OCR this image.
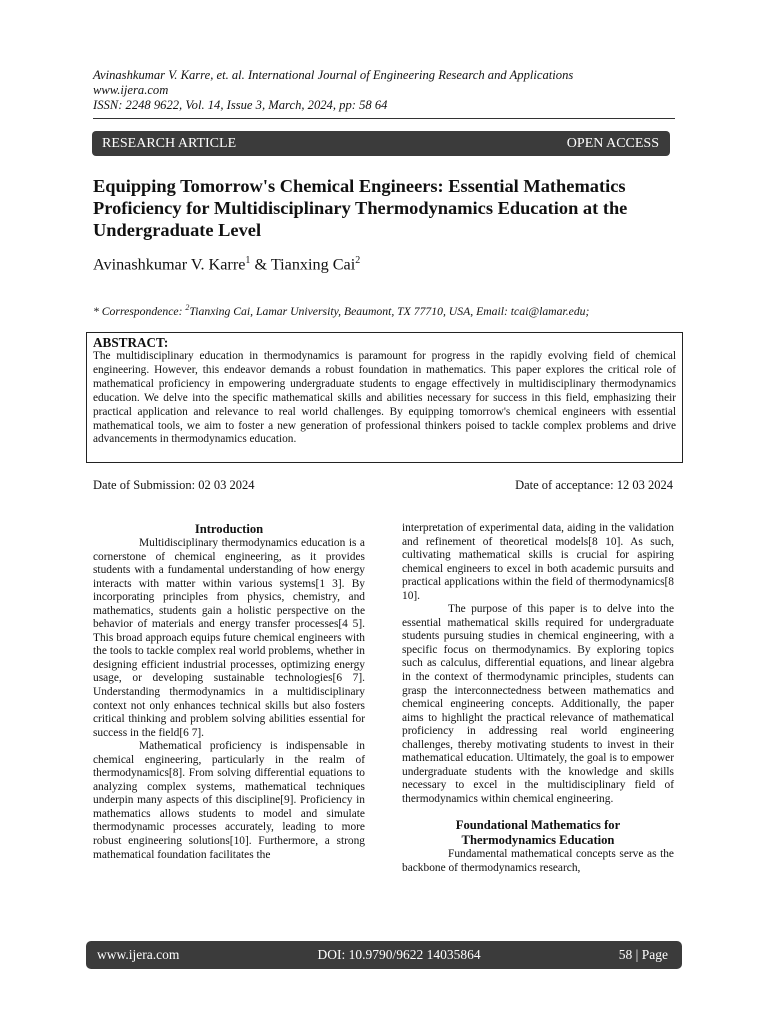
Avinashkumar V. Karre, et. al. International Journal of Engineering Research and Applications
www.ijera.com
ISSN: 2248 9622, Vol. 14, Issue 3, March, 2024, pp: 58 64
RESEARCH ARTICLE	OPEN ACCESS
Equipping Tomorrow's Chemical Engineers: Essential Mathematics Proficiency for Multidisciplinary Thermodynamics Education at the Undergraduate Level
Avinashkumar V. Karre$^1$ & Tianxing Cai$^2$
* Correspondence: $^2$Tianxing Cai, Lamar University, Beaumont, TX 77710, USA, Email: tcai@lamar.edu;
ABSTRACT:

The multidisciplinary education in thermodynamics is paramount for progress in the rapidly evolving field of chemical engineering. However, this endeavor demands a robust foundation in mathematics. This paper explores the critical role of mathematical proficiency in empowering undergraduate students to engage effectively in multidisciplinary thermodynamics education. We delve into the specific mathematical skills and abilities necessary for success in this field, emphasizing their practical application and relevance to real world challenges. By equipping tomorrow's chemical engineers with essential mathematical tools, we aim to foster a new generation of professional thinkers poised to tackle complex problems and drive advancements in thermodynamics education.

Date of Submission: 02 03 2024	Date of acceptance: 12 03 2024
Introduction

Multidisciplinary thermodynamics education is a cornerstone of chemical engineering, as it provides students with a fundamental understanding of how energy interacts with matter within various systems[1 3]. By incorporating principles from physics, chemistry, and mathematics, students gain a holistic perspective on the behavior of materials and energy transfer processes[4 5]. This broad approach equips future chemical engineers with the tools to tackle complex real world problems, whether in designing efficient industrial processes, optimizing energy usage, or developing sustainable technologies[6 7]. Understanding thermodynamics in a multidisciplinary context not only enhances technical skills but also fosters critical thinking and problem solving abilities essential for success in the field[6 7].

Mathematical proficiency is indispensable in chemical engineering, particularly in the realm of thermodynamics[8]. From solving differential equations to analyzing complex systems, mathematical techniques underpin many aspects of this discipline[9]. Proficiency in mathematics allows students to model and simulate thermodynamic processes accurately, leading to more robust engineering solutions[10]. Furthermore, a strong mathematical foundation facilitates the

interpretation of experimental data, aiding in the validation and refinement of theoretical models[8 10]. As such, cultivating mathematical skills is crucial for aspiring chemical engineers to excel in both academic pursuits and practical applications within the field of thermodynamics[8 10].

The purpose of this paper is to delve into the essential mathematical skills required for undergraduate students pursuing studies in chemical engineering, with a specific focus on thermodynamics. By exploring topics such as calculus, differential equations, and linear algebra in the context of thermodynamic principles, students can grasp the interconnectedness between mathematics and chemical engineering concepts. Additionally, the paper aims to highlight the practical relevance of mathematical proficiency in addressing real world engineering challenges, thereby motivating students to invest in their mathematical education. Ultimately, the goal is to empower undergraduate students with the knowledge and skills necessary to excel in the multidisciplinary field of thermodynamics within chemical engineering.

Foundational Mathematics for
Thermodynamics Education

Fundamental mathematical concepts serve as the backbone of thermodynamics research,

www.ijera.com	DOI: 10.9790/9622 14035864	58 | Page
